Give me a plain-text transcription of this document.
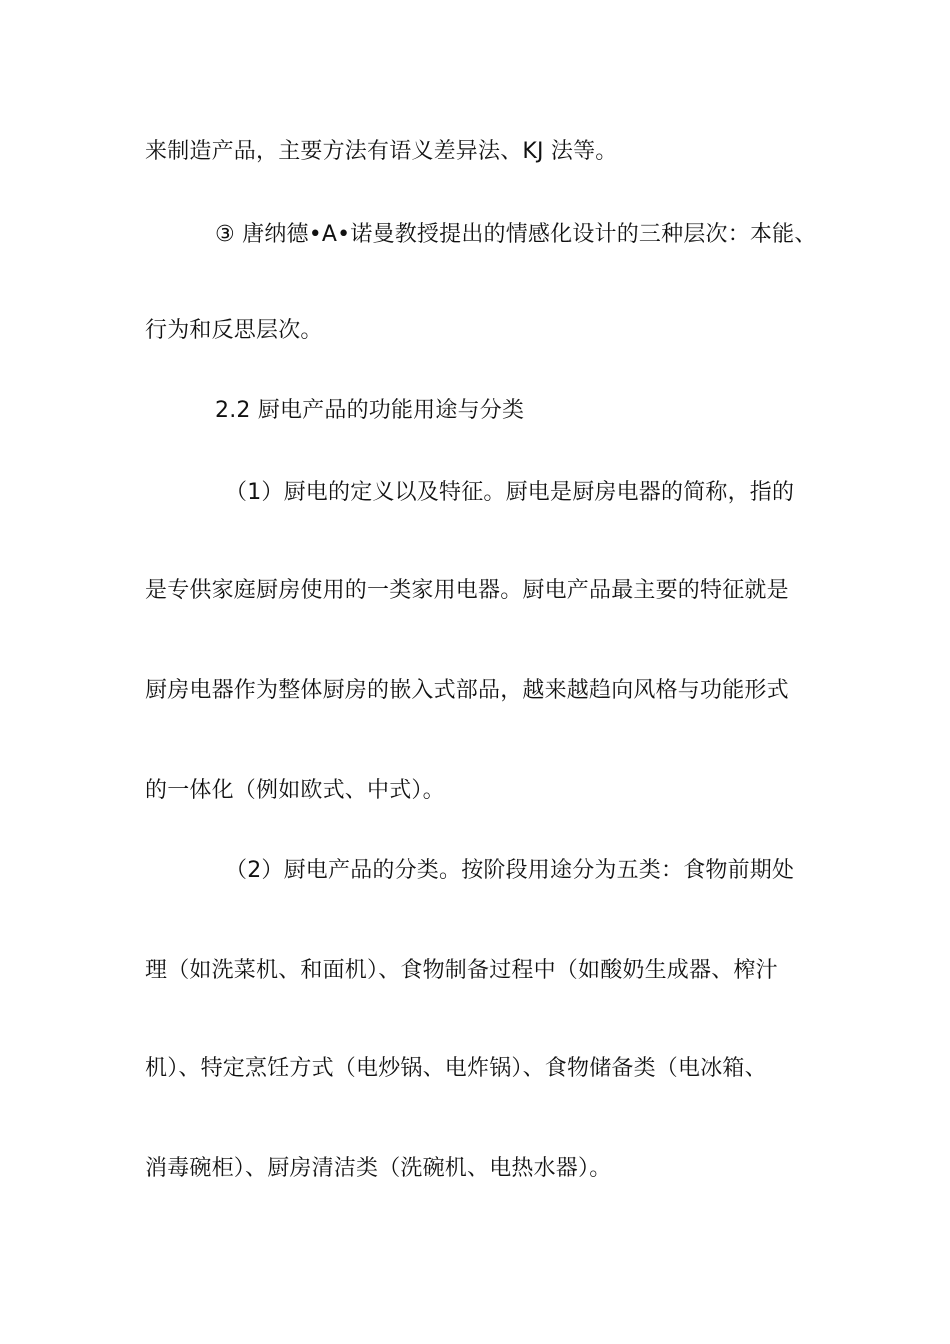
来制造产品，主要方法有语义差异法、KJ 法等。
③ 唐纳德•A•诺曼教授提出的情感化设计的三种层次：本能、
行为和反思层次。
2.2 厨电产品的功能用途与分类
（1）厨电的定义以及特征。厨电是厨房电器的简称，指的
是专供家庭厨房使用的一类家用电器。厨电产品最主要的特征就是
厨房电器作为整体厨房的嵌入式部品，越来越趋向风格与功能形式
的一体化（例如欧式、中式）。
（2）厨电产品的分类。按阶段用途分为五类：食物前期处
理（如洗菜机、和面机）、食物制备过程中（如酸奶生成器、榨汁
机）、特定烹饪方式（电炒锅、电炸锅）、食物储备类（电冰箱、
消毒碗柜）、厨房清洁类（洗碗机、电热水器）。
